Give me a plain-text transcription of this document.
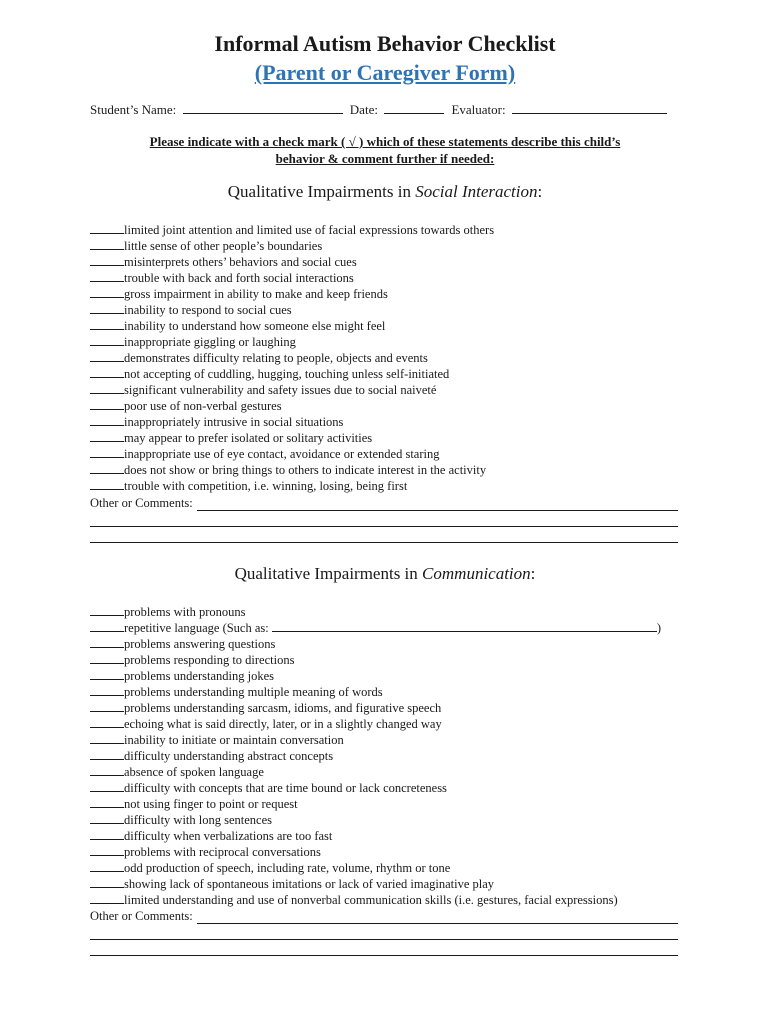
Informal Autism Behavior Checklist
(Parent or Caregiver Form)
Student’s Name:	Date:	Evaluator:
Please indicate with a check mark ( √ ) which of these statements describe this child’s
behavior & comment further if needed:
Qualitative Impairments in Social Interaction:
limited joint attention and limited use of facial expressions towards others
little sense of other people’s boundaries
misinterprets others’ behaviors and social cues
trouble with back and forth social interactions
gross impairment in ability to make and keep friends
inability to respond to social cues
inability to understand how someone else might feel
inappropriate giggling or laughing
demonstrates difficulty relating to people, objects and events
not accepting of cuddling, hugging, touching unless self-initiated
significant vulnerability and safety issues due to social naiveté
poor use of non-verbal gestures
inappropriately intrusive in social situations
may appear to prefer isolated or solitary activities
inappropriate use of eye contact, avoidance or extended staring
does not show or bring things to others to indicate interest in the activity
trouble with competition, i.e. winning, losing, being first
Other or Comments:
Qualitative Impairments in Communication:
problems with pronouns
repetitive language (Such as:	)
problems answering questions
problems responding to directions
problems understanding jokes
problems understanding multiple meaning of words
problems understanding sarcasm, idioms, and figurative speech
echoing what is said directly, later, or in a slightly changed way
inability to initiate or maintain conversation
difficulty understanding abstract concepts
absence of spoken language
difficulty with concepts that are time bound or lack concreteness
not using finger to point or request
difficulty with long sentences
difficulty when verbalizations are too fast
problems with reciprocal conversations
odd production of speech, including rate, volume, rhythm or tone
showing lack of spontaneous imitations or lack of varied imaginative play
limited understanding and use of nonverbal communication skills (i.e. gestures, facial expressions)
Other or Comments:
